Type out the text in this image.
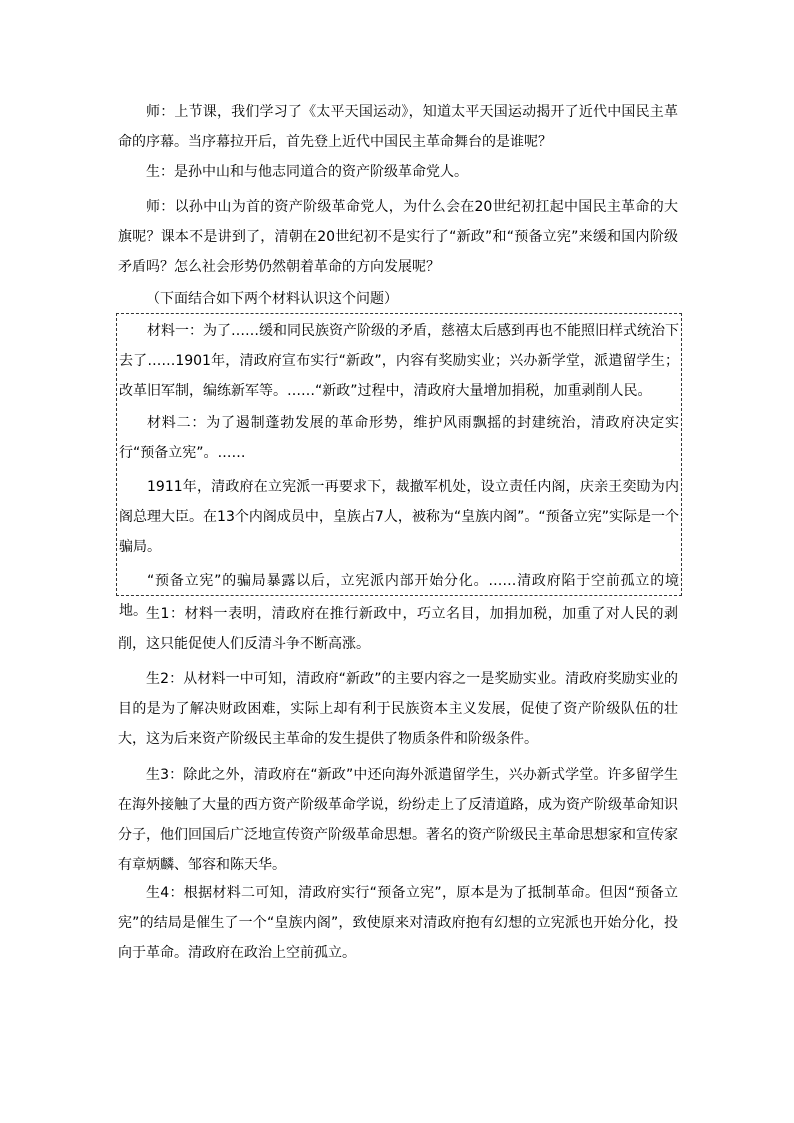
师：上节课，我们学习了《太平天国运动》，知道太平天国运动揭开了近代中国民主革命的序幕。当序幕拉开后，首先登上近代中国民主革命舞台的是谁呢？

生：是孙中山和与他志同道合的资产阶级革命党人。

师：以孙中山为首的资产阶级革命党人，为什么会在20世纪初扛起中国民主革命的大旗呢？课本不是讲到了，清朝在20世纪初不是实行了“新政”和“预备立宪”来缓和国内阶级矛盾吗？怎么社会形势仍然朝着革命的方向发展呢？

（下面结合如下两个材料认识这个问题）

材料一：为了……缓和同民族资产阶级的矛盾，慈禧太后感到再也不能照旧样式统治下去了……1901年，清政府宣布实行“新政”，内容有奖励实业；兴办新学堂，派遣留学生；改革旧军制，编练新军等。……“新政”过程中，清政府大量增加捐税，加重剥削人民。

材料二：为了遏制蓬勃发展的革命形势，维护风雨飘摇的封建统治，清政府决定实行“预备立宪”。……

1911年，清政府在立宪派一再要求下，裁撤军机处，设立责任内阁，庆亲王奕劻为内阁总理大臣。在13个内阁成员中，皇族占7人，被称为“皇族内阁”。“预备立宪”实际是一个骗局。

“预备立宪”的骗局暴露以后，立宪派内部开始分化。……清政府陷于空前孤立的境地。 生1：材料一表明，清政府在推行新政中，巧立名目，加捐加税，加重了对人民的剥削，这只能促使人们反清斗争不断高涨。

生2：从材料一中可知，清政府“新政”的主要内容之一是奖励实业。清政府奖励实业的目的是为了解决财政困难，实际上却有利于民族资本主义发展，促使了资产阶级队伍的壮大，这为后来资产阶级民主革命的发生提供了物质条件和阶级条件。

生3：除此之外，清政府在“新政”中还向海外派遣留学生，兴办新式学堂。许多留学生在海外接触了大量的西方资产阶级革命学说，纷纷走上了反清道路，成为资产阶级革命知识分子，他们回国后广泛地宣传资产阶级革命思想。著名的资产阶级民主革命思想家和宣传家有章炳麟、邹容和陈天华。

生4：根据材料二可知，清政府实行“预备立宪”，原本是为了抵制革命。但因“预备立宪”的结局是催生了一个“皇族内阁”，致使原来对清政府抱有幻想的立宪派也开始分化，投向于革命。清政府在政治上空前孤立。
